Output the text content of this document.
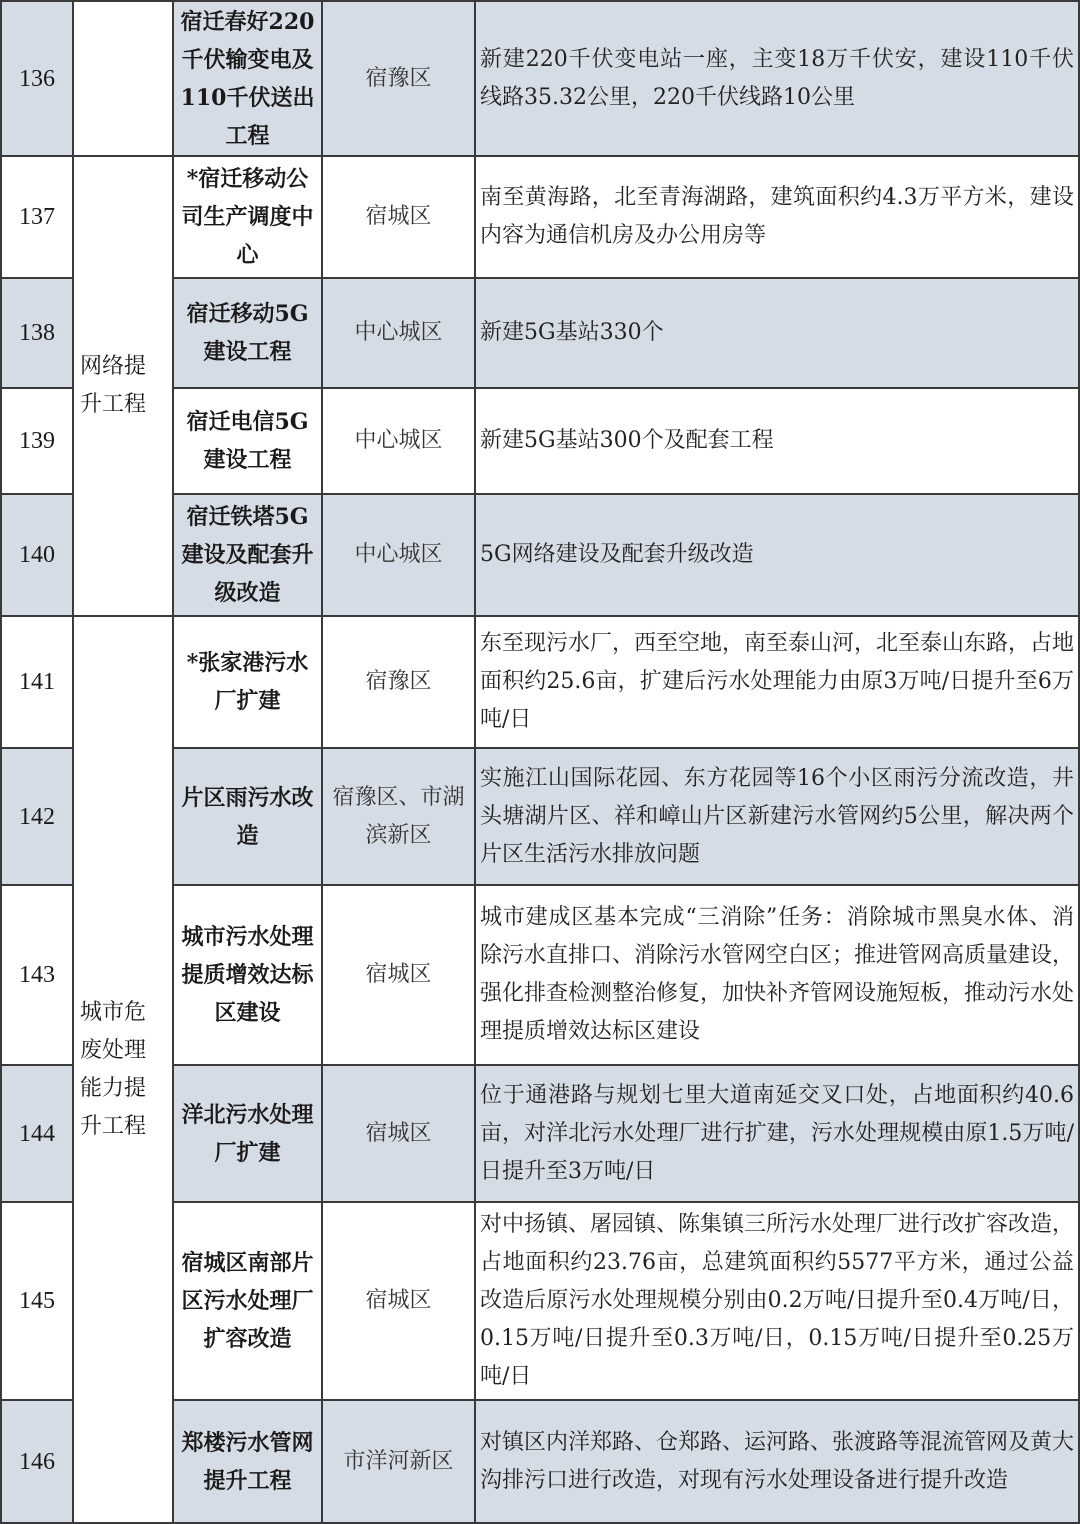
136		宿迁春好220千伏输变电及110千伏送出工程	宿豫区	新建220千伏变电站一座，主变18万千伏安，建设110千伏线路35.32公里，220千伏线路10公里
137	网络提升工程	*宿迁移动公司生产调度中心	宿城区	南至黄海路，北至青海湖路，建筑面积约4.3万平方米，建设内容为通信机房及办公用房等
138		宿迁移动5G建设工程	中心城区	新建5G基站330个
139		宿迁电信5G建设工程	中心城区	新建5G基站300个及配套工程
140		宿迁铁塔5G建设及配套升级改造	中心城区	5G网络建设及配套升级改造
141	城市危废处理能力提升工程	*张家港污水厂扩建	宿豫区	东至现污水厂，西至空地，南至泰山河，北至泰山东路，占地面积约25.6亩，扩建后污水处理能力由原3万吨/日提升至6万吨/日
142		片区雨污水改造	宿豫区、市湖滨新区	实施江山国际花园、东方花园等16个小区雨污分流改造，井头塘湖片区、祥和嶂山片区新建污水管网约5公里，解决两个片区生活污水排放问题
143		城市污水处理提质增效达标区建设	宿城区	城市建成区基本完成“三消除”任务：消除城市黑臭水体、消除污水直排口、消除污水管网空白区；推进管网高质量建设，强化排查检测整治修复，加快补齐管网设施短板，推动污水处理提质增效达标区建设
144		洋北污水处理厂扩建	宿城区	位于通港路与规划七里大道南延交叉口处，占地面积约40.6亩，对洋北污水处理厂进行扩建，污水处理规模由原1.5万吨/日提升至3万吨/日
145		宿城区南部片区污水处理厂扩容改造	宿城区	对中扬镇、屠园镇、陈集镇三所污水处理厂进行改扩容改造，占地面积约23.76亩，总建筑面积约5577平方米，通过公益改造后原污水处理规模分别由0.2万吨/日提升至0.4万吨/日，0.15万吨/日提升至0.3万吨/日，0.15万吨/日提升至0.25万吨/日
146		郑楼污水管网提升工程	市洋河新区	对镇区内洋郑路、仓郑路、运河路、张渡路等混流管网及黄大沟排污口进行改造，对现有污水处理设备进行提升改造
